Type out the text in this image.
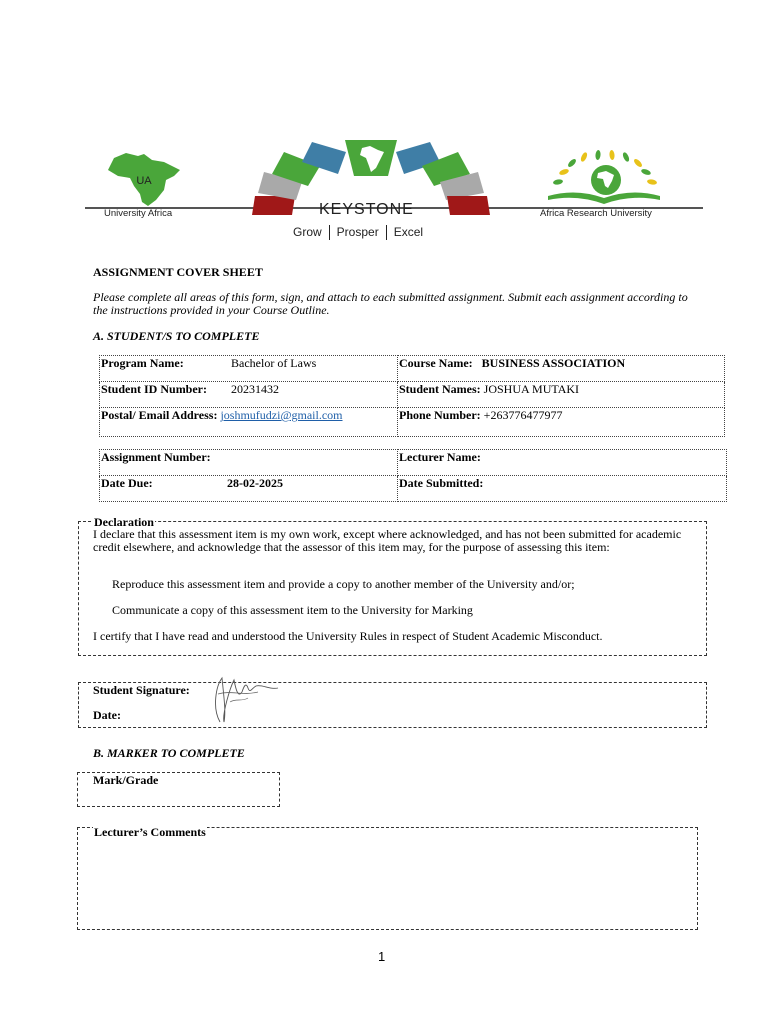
UA
University Africa	KEYSTONE
Grow Prosper Excel
Africa Research University
ASSIGNMENT COVER SHEET
Please complete all areas of this form, sign, and attach to each submitted assignment. Submit each assignment according to the instructions provided in your Course Outline.
A. STUDENT/S TO COMPLETE
Program Name: Bachelor of Laws	Course Name: BUSINESS ASSOCIATION
Student ID Number: 20231432	Student Names: JOSHUA MUTAKI
Postal/ Email Address: joshmufudzi@gmail.com	Phone Number: +263776477977
Assignment Number:	Lecturer Name:
Date Due: 28-02-2025	Date Submitted:
Declaration

I declare that this assessment item is my own work, except where acknowledged, and has not been submitted for academic credit elsewhere, and acknowledge that the assessor of this item may, for the purpose of assessing this item:

Reproduce this assessment item and provide a copy to another member of the University and/or;

Communicate a copy of this assessment item to the University for Marking

I certify that I have read and understood the University Rules in respect of Student Academic Misconduct.

Student Signature:
Date:
B. MARKER TO COMPLETE
Mark/Grade
Lecturer’s Comments
1
